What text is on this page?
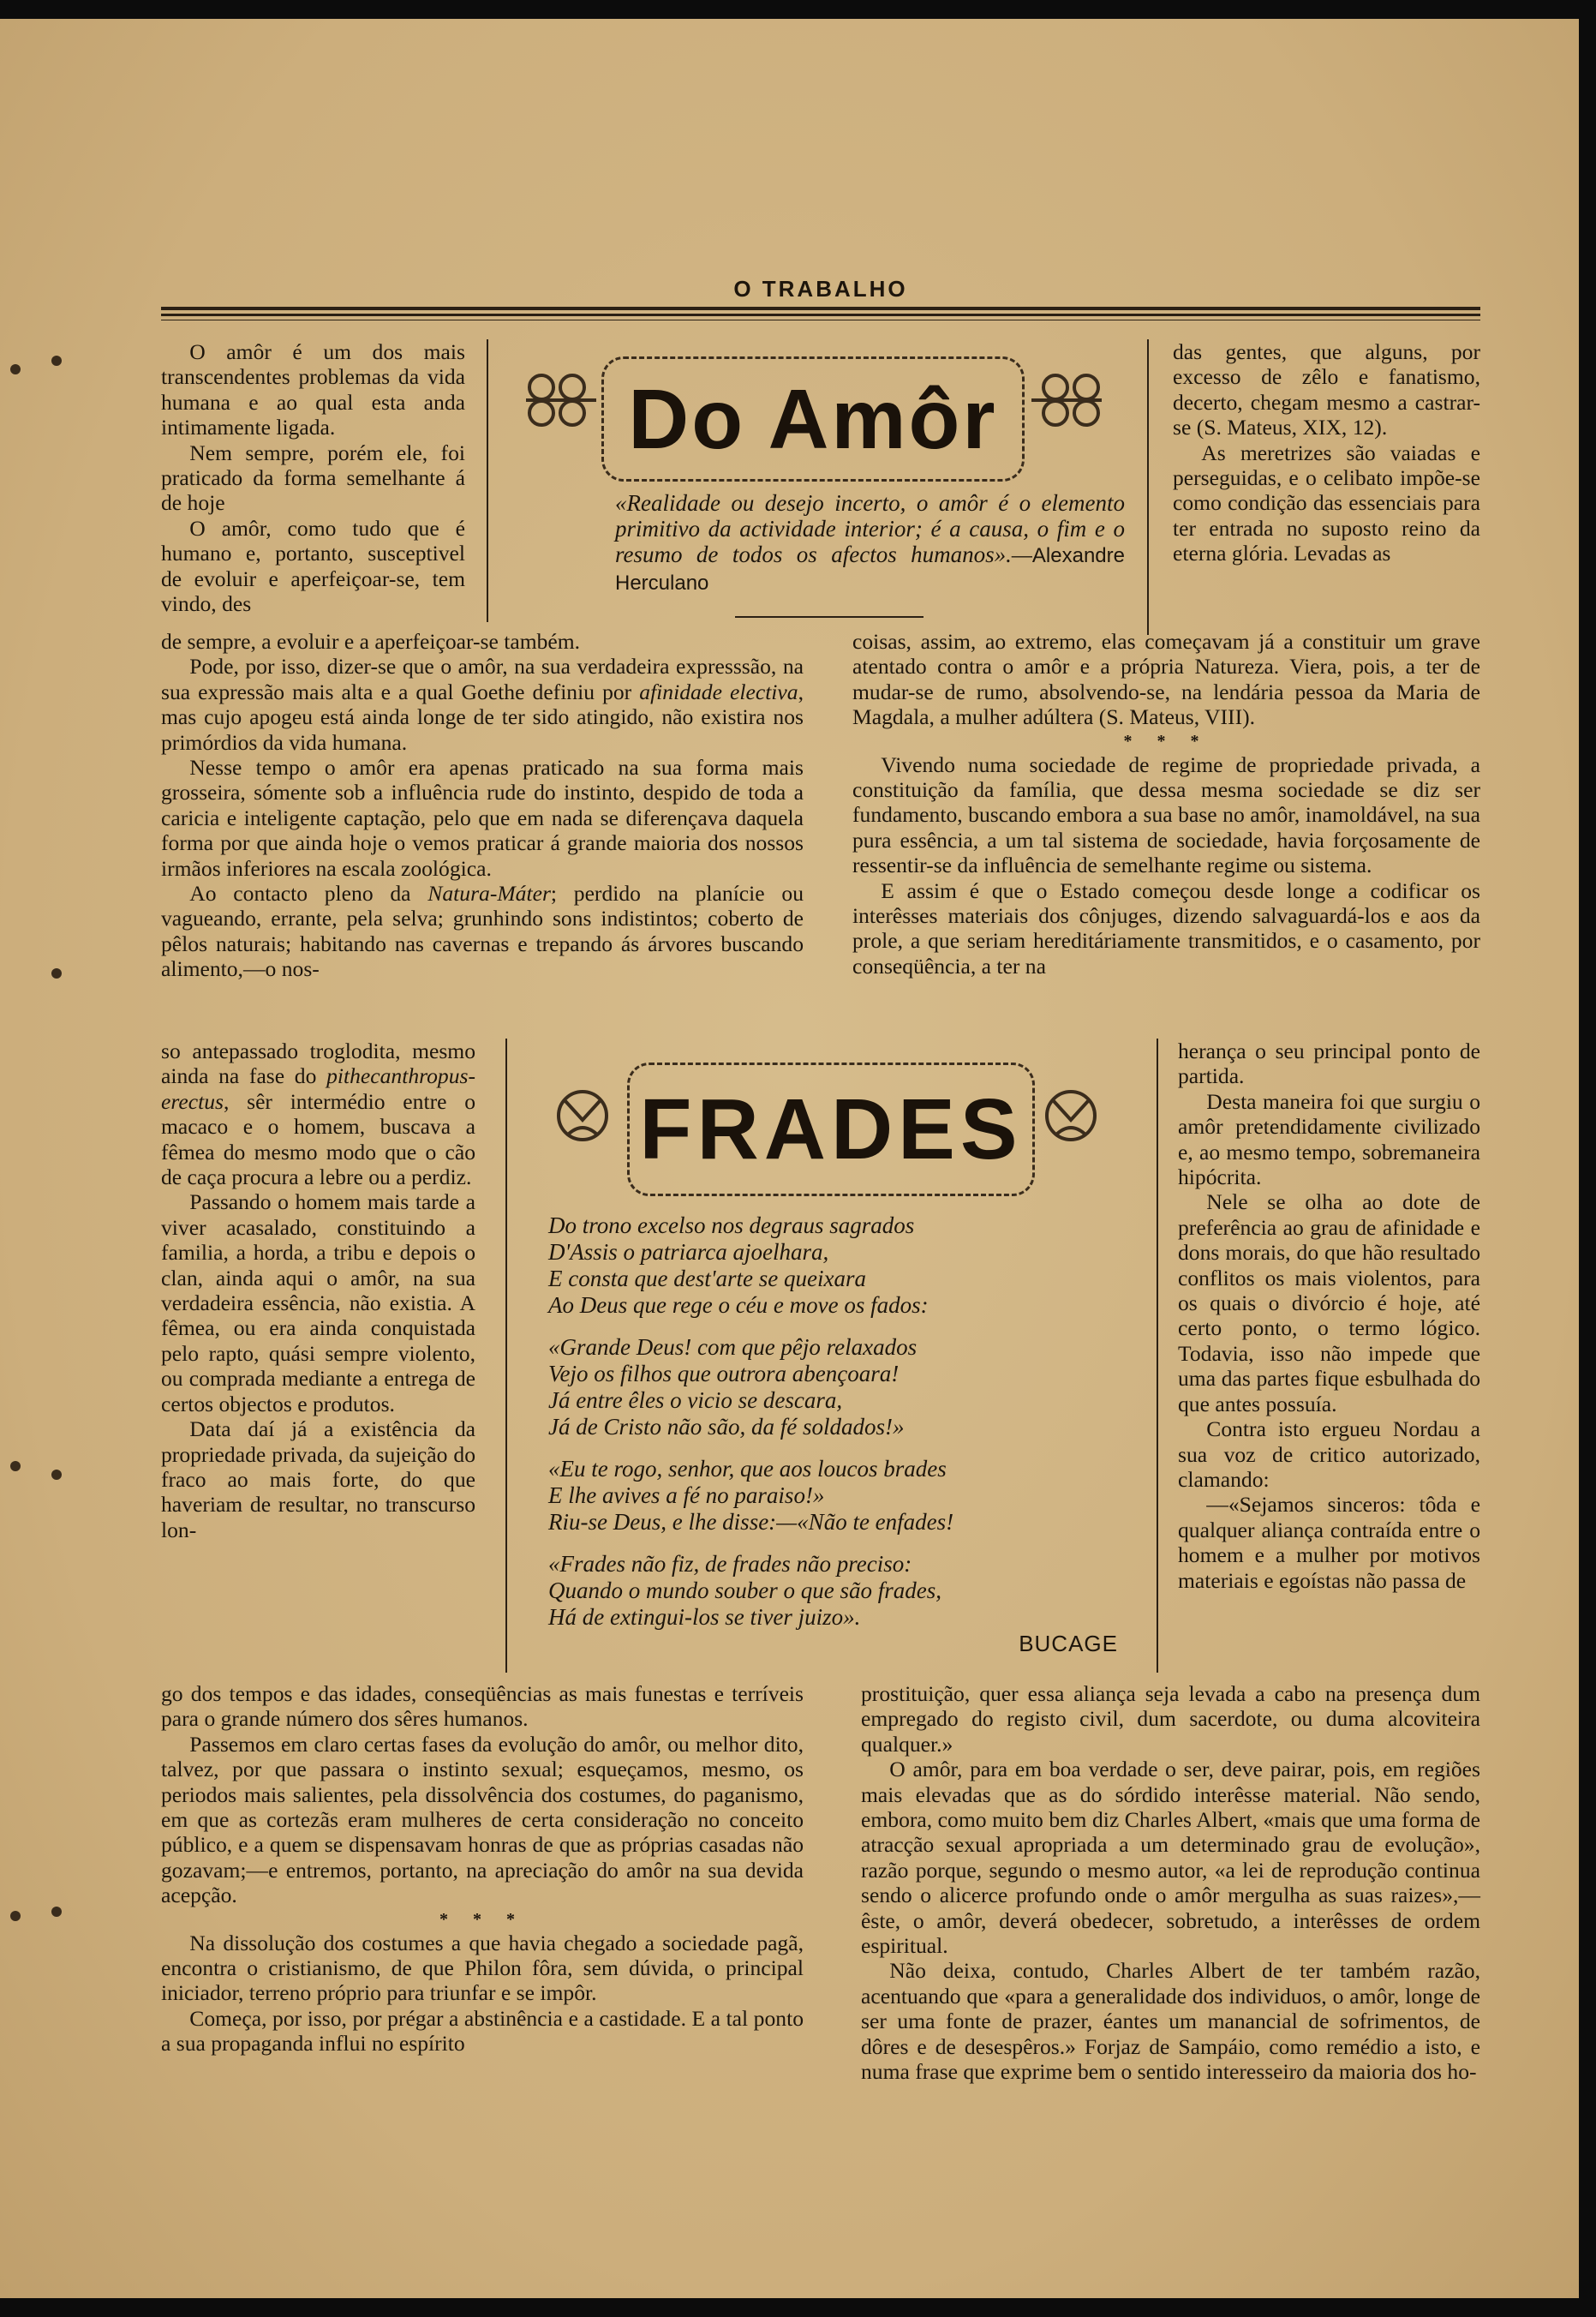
O TRABALHO

O amôr é um dos mais transcendentes problemas da vida humana e ao qual esta anda intimamente ligada.

Nem sempre, porém ele, foi praticado da forma semelhante á de hoje

O amôr, como tudo que é humano e, portanto, susceptivel de evoluir e aperfeiçoar-se, tem vindo, des

Do Amôr
«Realidade ou desejo incerto, o amôr é o elemento primitivo da actividade interior; é a causa, o fim e o resumo de todos os afectos humanos».—Alexandre Herculano

das gentes, que alguns, por excesso de zêlo e fanatismo, decerto, chegam mesmo a castrar-se (S. Mateus, XIX, 12).

As meretrizes são vaiadas e perseguidas, e o celibato impõe-se como condição das essenciais para ter entrada no suposto reino da eterna glória. Levadas as

de sempre, a evoluir e a aperfeiçoar-se também.

Pode, por isso, dizer-se que o amôr, na sua verdadeira expresssão, na sua expressão mais alta e a qual Goethe definiu por afinidade electiva, mas cujo apogeu está ainda longe de ter sido atingido, não existira nos primórdios da vida humana.

Nesse tempo o amôr era apenas praticado na sua forma mais grosseira, sómente sob a influência rude do instinto, despido de toda a caricia e inteligente captação, pelo que em nada se diferençava daquela forma por que ainda hoje o vemos praticar á grande maioria dos nossos irmãos inferiores na escala zoológica.

Ao contacto pleno da Natura-Máter; perdido na planície ou vagueando, errante, pela selva; grunhindo sons indistintos; coberto de pêlos naturais; habitando nas cavernas e trepando ás árvores buscando alimento,—o nos-

coisas, assim, ao extremo, elas começavam já a constituir um grave atentado contra o amôr e a própria Natureza. Viera, pois, a ter de mudar-se de rumo, absolvendo-se, na lendária pessoa da Maria de Magdala, a mulher adúltera (S. Mateus, VIII).

* * *

Vivendo numa sociedade de regime de propriedade privada, a constituição da família, que dessa mesma sociedade se diz ser fundamento, buscando embora a sua base no amôr, inamoldável, na sua pura essência, a um tal sistema de sociedade, havia forçosamente de ressentir-se da influência de semelhante regime ou sistema.

E assim é que o Estado começou desde longe a codificar os interêsses materiais dos cônjuges, dizendo salvaguardá-los e aos da prole, a que seriam hereditáriamente transmitidos, e o casamento, por conseqüência, a ter na

so antepassado troglodita, mesmo ainda na fase do pithecanthropus-erectus, sêr intermédio entre o macaco e o homem, buscava a fêmea do mesmo modo que o cão de caça procura a lebre ou a perdiz.

Passando o homem mais tarde a viver acasalado, constituindo a familia, a horda, a tribu e depois o clan, ainda aqui o amôr, na sua verdadeira essência, não existia. A fêmea, ou era ainda conquistada pelo rapto, quási sempre violento, ou comprada mediante a entrega de certos objectos e produtos.

Data daí já a existência da propriedade privada, da sujeição do fraco ao mais forte, do que haveriam de resultar, no transcurso lon-

FRADES
Do trono excelso nos degraus sagrados
D'Assis o patriarca ajoelhara,
E consta que dest'arte se queixara
Ao Deus que rege o céu e move os fados:
«Grande Deus! com que pêjo relaxados
Vejo os filhos que outrora abençoara!
Já entre êles o vicio se descara,
Já de Cristo não são, da fé soldados!»
«Eu te rogo, senhor, que aos loucos brades
E lhe avives a fé no paraiso!»
Riu-se Deus, e lhe disse:—«Não te enfades!
«Frades não fiz, de frades não preciso:
Quando o mundo souber o que são frades,
Há de extingui-los se tiver juizo».
BUCAGE

herança o seu principal ponto de partida.

Desta maneira foi que surgiu o amôr pretendidamente civilizado e, ao mesmo tempo, sobremaneira hipócrita.

Nele se olha ao dote de preferência ao grau de afinidade e dons morais, do que hão resultado conflitos os mais violentos, para os quais o divórcio é hoje, até certo ponto, o termo lógico. Todavia, isso não impede que uma das partes fique esbulhada do que antes possuía.

Contra isto ergueu Nordau a sua voz de critico autorizado, clamando:

—«Sejamos sinceros: tôda e qualquer aliança contraída entre o homem e a mulher por motivos materiais e egoístas não passa de

go dos tempos e das idades, conseqüências as mais funestas e terríveis para o grande número dos sêres humanos.

Passemos em claro certas fases da evolução do amôr, ou melhor dito, talvez, por que passara o instinto sexual; esqueçamos, mesmo, os periodos mais salientes, pela dissolvência dos costumes, do paganismo, em que as cortezãs eram mulheres de certa consideração no conceito público, e a quem se dispensavam honras de que as próprias casadas não gozavam;—e entremos, portanto, na apreciação do amôr na sua devida acepção.

* * *

Na dissolução dos costumes a que havia chegado a sociedade pagã, encontra o cristianismo, de que Philon fôra, sem dúvida, o principal iniciador, terreno próprio para triunfar e se impôr.

Começa, por isso, por prégar a abstinência e a castidade. E a tal ponto a sua propaganda influi no espírito

prostituição, quer essa aliança seja levada a cabo na presença dum empregado do registo civil, dum sacerdote, ou duma alcoviteira qualquer.»

O amôr, para em boa verdade o ser, deve pairar, pois, em regiões mais elevadas que as do sórdido interêsse material. Não sendo, embora, como muito bem diz Charles Albert, «mais que uma forma de atracção sexual apropriada a um determinado grau de evolução», razão porque, segundo o mesmo autor, «a lei de reprodução continua sendo o alicerce profundo onde o amôr mergulha as suas raizes»,—êste, o amôr, deverá obedecer, sobretudo, a interêsses de ordem espiritual.

Não deixa, contudo, Charles Albert de ter também razão, acentuando que «para a generalidade dos individuos, o amôr, longe de ser uma fonte de prazer, éantes um manancial de sofrimentos, de dôres e de desespêros.» Forjaz de Sampáio, como remédio a isto, e numa frase que exprime bem o sentido interesseiro da maioria dos ho-
